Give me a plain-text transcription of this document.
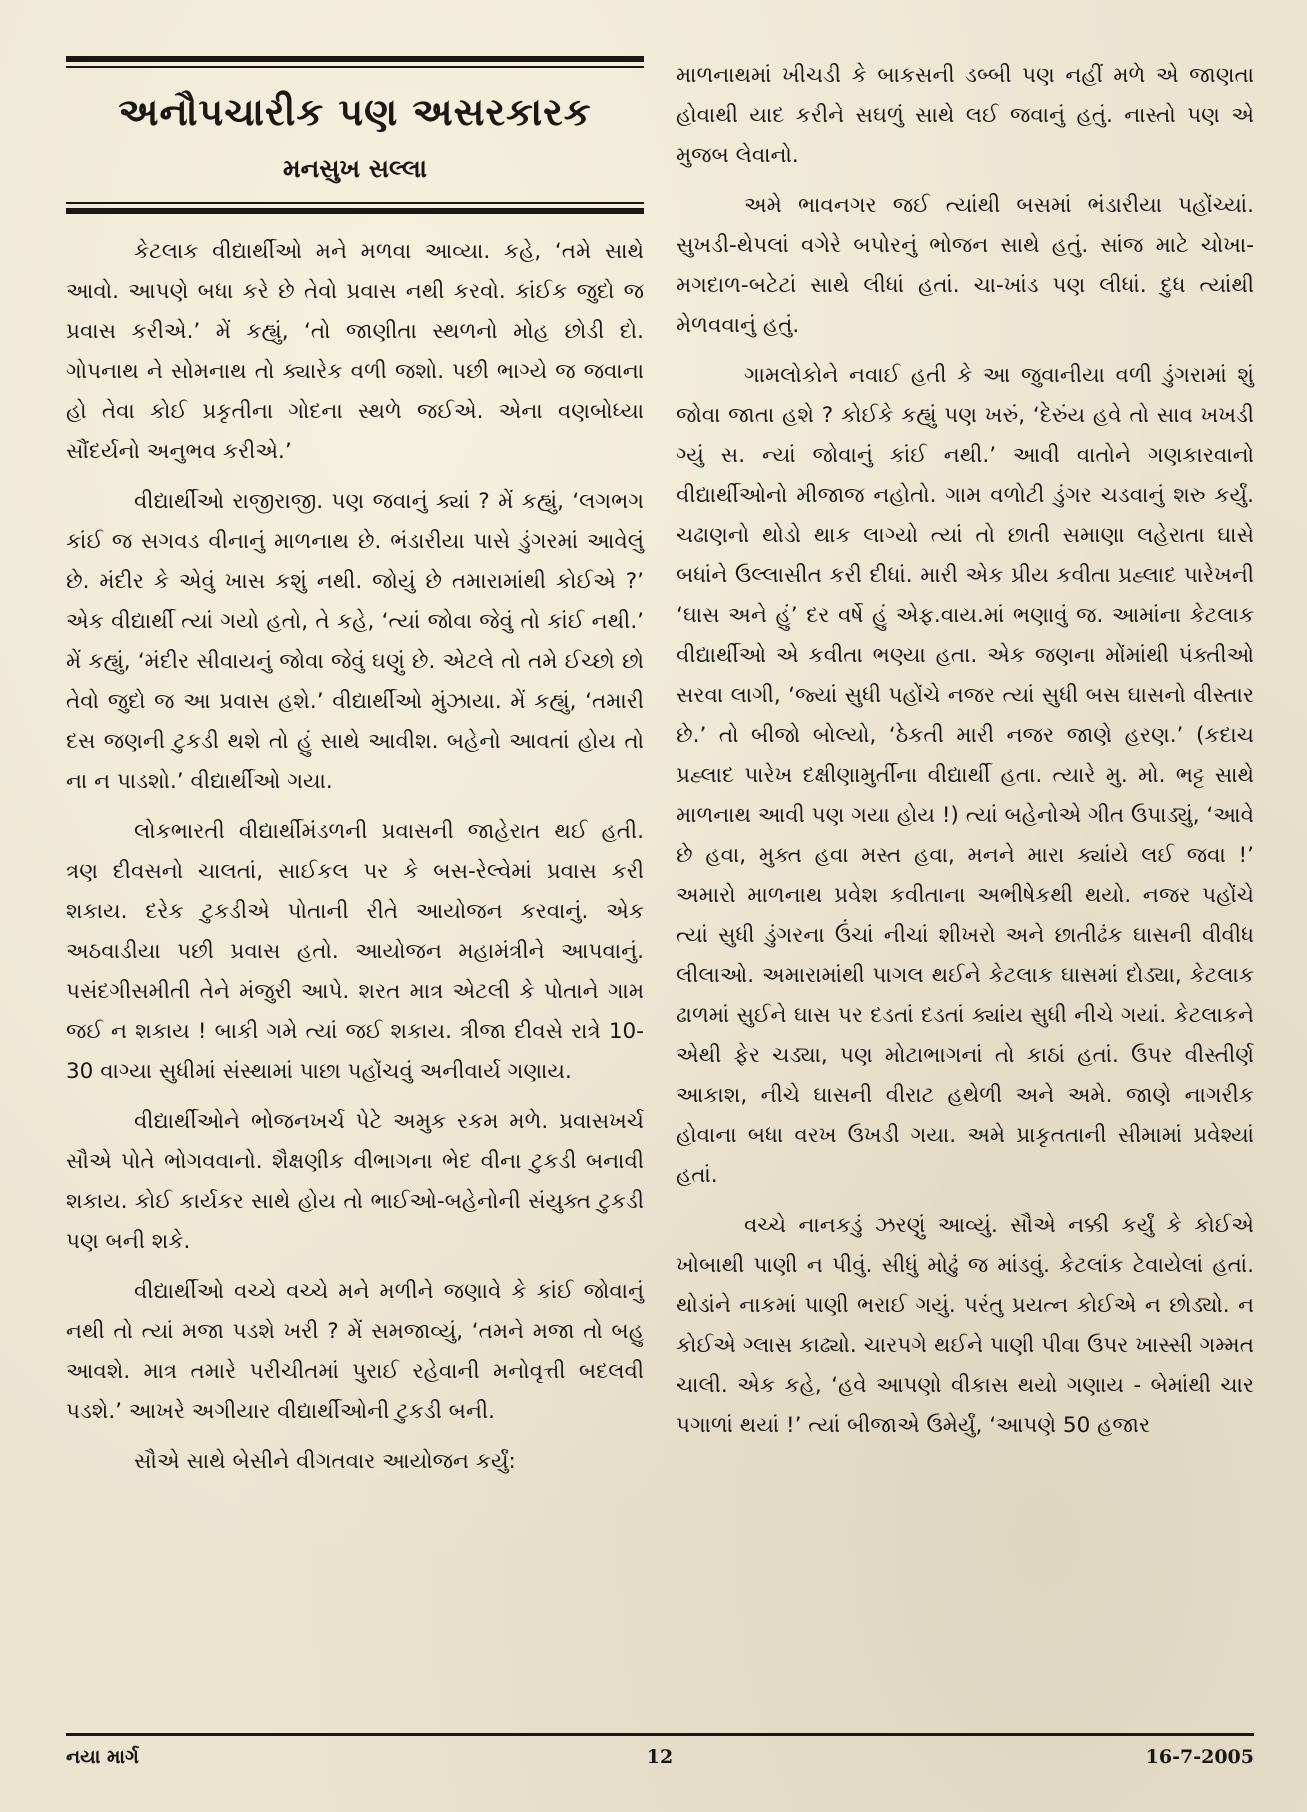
અનૌપચારીક પણ અસરકારક
મનસુખ સલ્લા

કેટલાક વીદ્યાર્થીઓ મને મળવા આવ્યા. કહે, ‘તમે સાથે આવો. આપણે બધા કરે છે તેવો પ્રવાસ નથી કરવો. કાંઈક જુદો જ પ્રવાસ કરીએ.’ મેં કહ્યું, ‘તો જાણીતા સ્થળનો મોહ છોડી દો. ગોપનાથ ને સોમનાથ તો ક્યારેક વળી જશો. પછી ભાગ્યે જ જવાના હો તેવા કોઈ પ્રકૃતીના ગોદના સ્થળે જઈએ. એના વણબોધ્યા સૌંદર્યનો અનુભવ કરીએ.’

વીદ્યાર્થીઓ રાજીરાજી. પણ જવાનું ક્યાં ? મેં કહ્યું, ‘લગભગ કાંઈ જ સગવડ વીનાનું માળનાથ છે. ભંડારીયા પાસે ડુંગરમાં આવેલું છે. મંદીર કે એવું ખાસ કશું નથી. જોયું છે તમારામાંથી કોઈએ ?’ એક વીદ્યાર્થી ત્યાં ગયો હતો, તે કહે, ‘ત્યાં જોવા જેવું તો કાંઈ નથી.’ મેં કહ્યું, ‘મંદીર સીવાયનું જોવા જેવું ઘણું છે. એટલે તો તમે ઈચ્છો છો તેવો જુદો જ આ પ્રવાસ હશે.’ વીદ્યાર્થીઓ મુંઝાયા. મેં કહ્યું, ‘તમારી દસ જણની ટુકડી થશે તો હું સાથે આવીશ. બહેનો આવતાં હોય તો ના ન પાડશો.’ વીદ્યાર્થીઓ ગયા.

લોકભારતી વીદ્યાર્થીમંડળની પ્રવાસની જાહેરાત થઈ હતી. ત્રણ દીવસનો ચાલતાં, સાઈકલ પર કે બસ-રેલ્વેમાં પ્રવાસ કરી શકાય. દરેક ટુકડીએ પોતાની રીતે આયોજન કરવાનું. એક અઠવાડીયા પછી પ્રવાસ હતો. આયોજન મહામંત્રીને આપવાનું. પસંદગીસમીતી તેને મંજુરી આપે. શરત માત્ર એટલી કે પોતાને ગામ જઈ ન શકાય ! બાકી ગમે ત્યાં જઈ શકાય. ત્રીજા દીવસે રાત્રે 10-30 વાગ્યા સુધીમાં સંસ્થામાં પાછા પહોંચવું અનીવાર્ય ગણાય.

વીદ્યાર્થીઓને ભોજનખર્ચ પેટે અમુક રકમ મળે. પ્રવાસખર્ચ સૌએ પોતે ભોગવવાનો. શૈક્ષણીક વીભાગના ભેદ વીના ટુકડી બનાવી શકાય. કોઈ કાર્યકર સાથે હોય તો ભાઈઓ-બહેનોની સંયુક્ત ટુકડી પણ બની શકે.

વીદ્યાર્થીઓ વચ્ચે વચ્ચે મને મળીને જણાવે કે કાંઈ જોવાનું નથી તો ત્યાં મજા પડશે ખરી ? મેં સમજાવ્યું, ‘તમને મજા તો બહુ આવશે. માત્ર તમારે પરીચીતમાં પુરાઈ રહેવાની મનોવૃત્તી બદલવી પડશે.’ આખરે અગીયાર વીદ્યાર્થીઓની ટુકડી બની.

સૌએ સાથે બેસીને વીગતવાર આયોજન કર્યું:

માળનાથમાં ખીચડી કે બાકસની ડબ્બી પણ નહીં મળે એ જાણતા હોવાથી યાદ કરીને સઘળું સાથે લઈ જવાનું હતું. નાસ્તો પણ એ મુજબ લેવાનો.

અમે ભાવનગર જઈ ત્યાંથી બસમાં ભંડારીયા પહોંચ્યાં. સુખડી-થેપલાં વગેરે બપોરનું ભોજન સાથે હતું. સાંજ માટે ચોખા-મગદાળ-બટેટાં સાથે લીધાં હતાં. ચા-ખાંડ પણ લીધાં. દુધ ત્યાંથી મેળવવાનું હતું.

ગામલોકોને નવાઈ હતી કે આ જુવાનીયા વળી ડુંગરામાં શું જોવા જાતા હશે ? કોઈકે કહ્યું પણ ખરું, ‘દેરુંય હવે તો સાવ ખખડી ગ્યું સ. ન્યાં જોવાનું કાંઈ નથી.’ આવી વાતોને ગણકારવાનો વીદ્યાર્થીઓનો મીજાજ નહોતો. ગામ વળોટી ડુંગર ચડવાનું શરુ કર્યું. ચઢાણનો થોડો થાક લાગ્યો ત્યાં તો છાતી સમાણા લહેરાતા ઘાસે બધાંને ઉલ્લાસીત કરી દીધાં. મારી એક પ્રીય કવીતા પ્રહ્લાદ પારેખની ‘ઘાસ અને હું’ દર વર્ષે હું એફ.વાય.માં ભણાવું જ. આમાંના કેટલાક વીદ્યાર્થીઓ એ કવીતા ભણ્યા હતા. એક જણના મોંમાંથી પંક્તીઓ સરવા લાગી, ‘જ્યાં સુધી પહોંચે નજર ત્યાં સુધી બસ ઘાસનો વીસ્તાર છે.’ તો બીજો બોલ્યો, ‘ઠેકતી મારી નજર જાણે હરણ.’ (કદાચ પ્રહ્લાદ પારેખ દક્ષીણામુર્તીના વીદ્યાર્થી હતા. ત્યારે મુ. મો. ભટ્ટ સાથે માળનાથ આવી પણ ગયા હોય !) ત્યાં બહેનોએ ગીત ઉપાડ્યું, ‘આવે છે હવા, મુક્ત હવા મસ્ત હવા, મનને મારા ક્યાંયે લઈ જવા !’ અમારો માળનાથ પ્રવેશ કવીતાના અભીષેકથી થયો. નજર પહોંચે ત્યાં સુધી ડુંગરના ઉંચાં નીચાં શીખરો અને છાતીઢંક ઘાસની વીવીધ લીલાઓ. અમારામાંથી પાગલ થઈને કેટલાક ઘાસમાં દોડ્યા, કેટલાક ઢાળમાં સુઈને ઘાસ પર દડતાં દડતાં ક્યાંય સુધી નીચે ગયાં. કેટલાકને એથી ફેર ચડ્યા, પણ મોટાભાગનાં તો કાઠાં હતાં. ઉપર વીસ્તીર્ણ આકાશ, નીચે ઘાસની વીરાટ હથેળી અને અમે. જાણે નાગરીક હોવાના બધા વરખ ઉખડી ગયા. અમે પ્રાકૃતતાની સીમામાં પ્રવેશ્યાં હતાં.

વચ્ચે નાનકડું ઝરણું આવ્યું. સૌએ નક્કી કર્યું કે કોઈએ ખોબાથી પાણી ન પીવું. સીધું મોઢું જ માંડવું. કેટલાંક ટેવાયેલાં હતાં. થોડાંને નાકમાં પાણી ભરાઈ ગયું. પરંતુ પ્રયત્ન કોઈએ ન છોડ્યો. ન કોઈએ ગ્લાસ કાઢ્યો. ચારપગે થઈને પાણી પીવા ઉપર ખાસ્સી ગમ્મત ચાલી. એક કહે, ‘હવે આપણો વીકાસ થયો ગણાય - બેમાંથી ચાર પગાળાં થયાં !’ ત્યાં બીજાએ ઉમેર્યું, ‘આપણે 50 હજાર

નયા માર્ગ	12	16-7-2005
